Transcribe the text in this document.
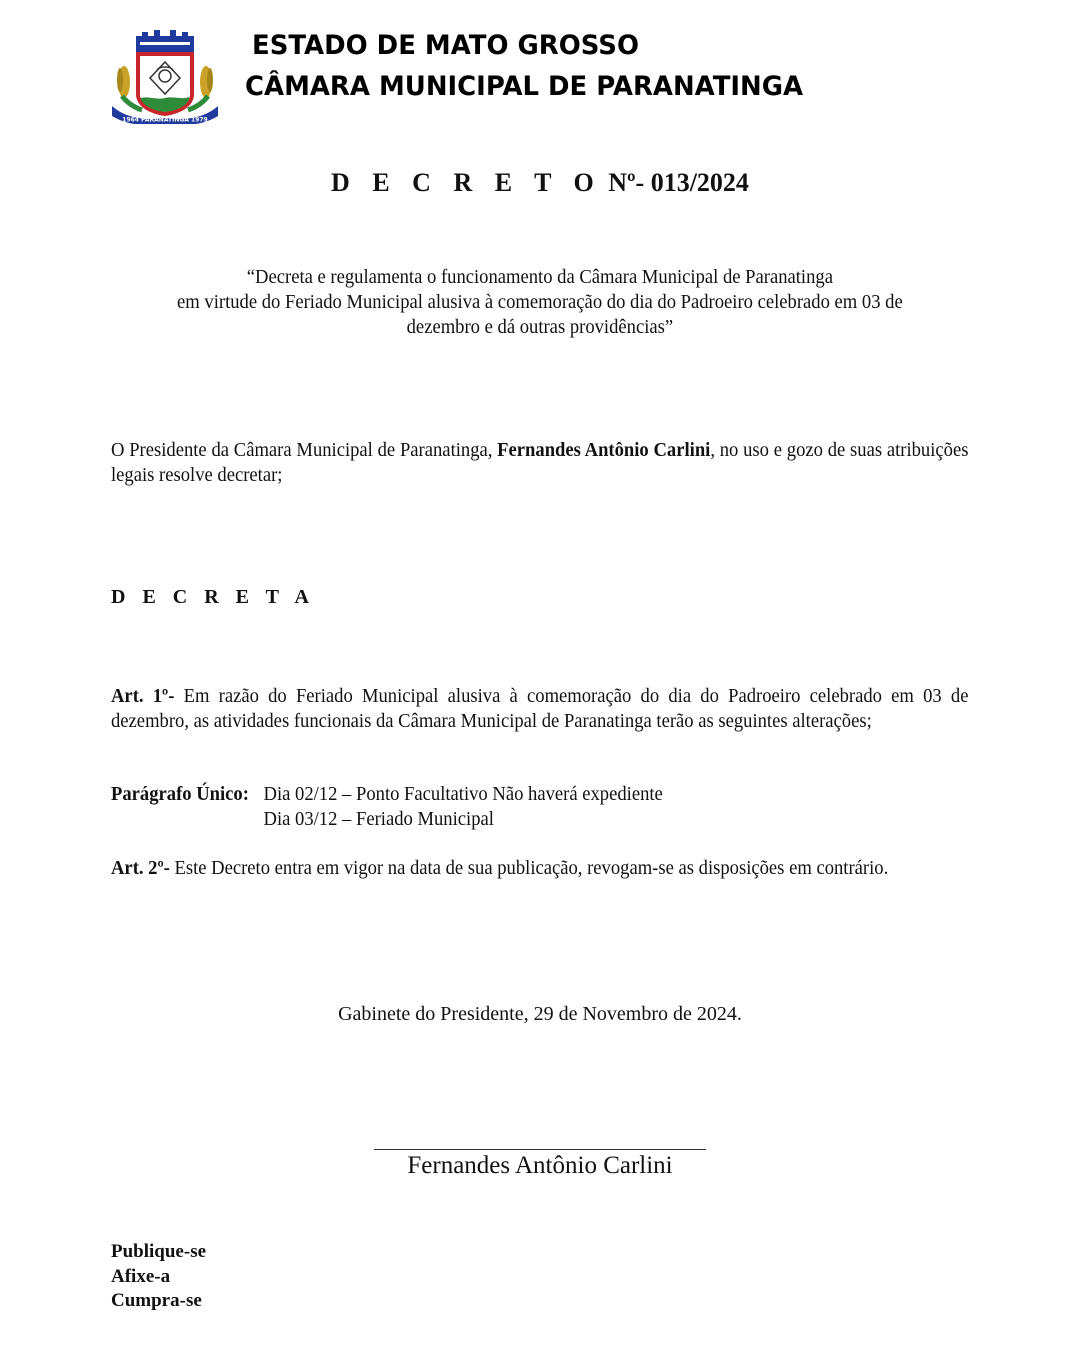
1964 PARANATINGA 1979
ESTADO DE MATO GROSSO
CÂMARA MUNICIPAL DE PARANATINGA
D E C R E T O Nº- 013/2024
“Decreta e regulamenta o funcionamento da Câmara Municipal de Paranatinga
em virtude do Feriado Municipal alusiva à comemoração do dia do Padroeiro celebrado em 03 de
dezembro e dá outras providências”
O Presidente da Câmara Municipal de Paranatinga, Fernandes Antônio Carlini, no uso e gozo de suas atribuições legais resolve decretar;
D E C R E T A
Art. 1º- Em razão do Feriado Municipal alusiva à comemoração do dia do Padroeiro celebrado em 03 de dezembro, as atividades funcionais da Câmara Municipal de Paranatinga terão as seguintes alterações;
Parágrafo Único: Dia 02/12 – Ponto Facultativo Não haverá expediente
Dia 03/12 – Feriado Municipal
Art. 2º- Este Decreto entra em vigor na data de sua publicação, revogam-se as disposições em contrário.
Gabinete do Presidente, 29 de Novembro de 2024.
Fernandes Antônio Carlini
Publique-se
Afixe-a
Cumpra-se
